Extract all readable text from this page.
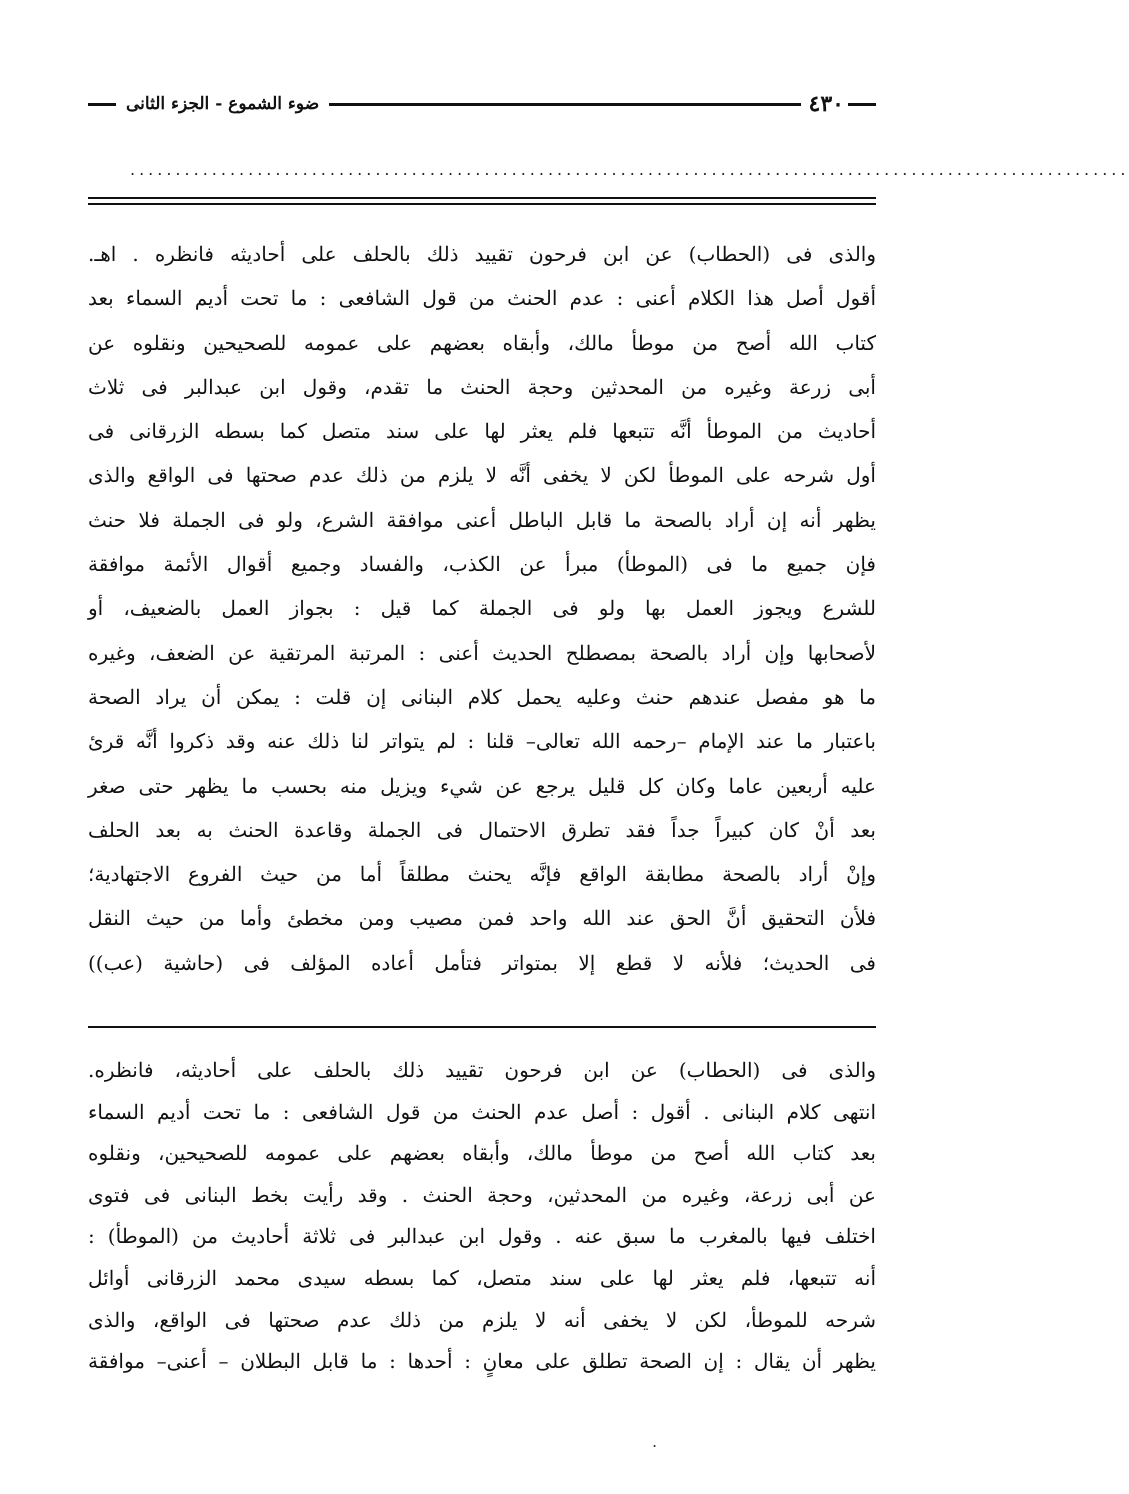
٤٣٠
ضوء الشموع - الجزء الثانى
..............................................................................................................
والذى فى (الحطاب) عن ابن فرحون تقييد ذلك بالحلف على أحاديثه فانظره . اهـ.
أقول أصل هذا الكلام أعنى : عدم الحنث من قول الشافعى : ما تحت أديم السماء بعد
كتاب الله أصح من موطأ مالك، وأبقاه بعضهم على عمومه للصحيحين ونقلوه عن
أبى زرعة وغيره من المحدثين وحجة الحنث ما تقدم، وقول ابن عبدالبر فى ثلاث
أحاديث من الموطأ أنَّه تتبعها فلم يعثر لها على سند متصل كما بسطه الزرقانى فى
أول شرحه على الموطأ لكن لا يخفى أنَّه لا يلزم من ذلك عدم صحتها فى الواقع والذى
يظهر أنه إن أراد بالصحة ما قابل الباطل أعنى موافقة الشرع، ولو فى الجملة فلا حنث
فإن جميع ما فى (الموطأ) مبرأ عن الكذب، والفساد وجميع أقوال الأئمة موافقة
للشرع ويجوز العمل بها ولو فى الجملة كما قيل : بجواز العمل بالضعيف، أو
لأصحابها وإن أراد بالصحة بمصطلح الحديث أعنى : المرتبة المرتقية عن الضعف، وغيره
ما هو مفصل عندهم حنث وعليه يحمل كلام البنانى إن قلت : يمكن أن يراد الصحة
باعتبار ما عند الإمام –رحمه الله تعالى– قلنا : لم يتواتر لنا ذلك عنه وقد ذكروا أنَّه قرئ
عليه أربعين عاما وكان كل قليل يرجع عن شيء ويزيل منه بحسب ما يظهر حتى صغر
بعد أنْ كان كبيراً جداً فقد تطرق الاحتمال فى الجملة وقاعدة الحنث به بعد الحلف
وإنْ أراد بالصحة مطابقة الواقع فإنَّه يحنث مطلقاً أما من حيث الفروع الاجتهادية؛
فلأن التحقيق أنَّ الحق عند الله واحد فمن مصيب ومن مخطئ وأما من حيث النقل
فى الحديث؛ فلأنه لا قطع إلا بمتواتر فتأمل أعاده المؤلف فى (حاشية (عب))
والذى فى (الحطاب) عن ابن فرحون تقييد ذلك بالحلف على أحاديثه، فانظره.
انتهى كلام البنانى . أقول : أصل عدم الحنث من قول الشافعى : ما تحت أديم السماء
بعد كتاب الله أصح من موطأ مالك، وأبقاه بعضهم على عمومه للصحيحين، ونقلوه
عن أبى زرعة، وغيره من المحدثين، وحجة الحنث . وقد رأيت بخط البنانى فى فتوى
اختلف فيها بالمغرب ما سبق عنه . وقول ابن عبدالبر فى ثلاثة أحاديث من (الموطأ) :
أنه تتبعها، فلم يعثر لها على سند متصل، كما بسطه سيدى محمد الزرقانى أوائل
شرحه للموطأ، لكن لا يخفى أنه لا يلزم من ذلك عدم صحتها فى الواقع، والذى
يظهر أن يقال : إن الصحة تطلق على معانٍ : أحدها : ما قابل البطلان – أعنى– موافقة
.
